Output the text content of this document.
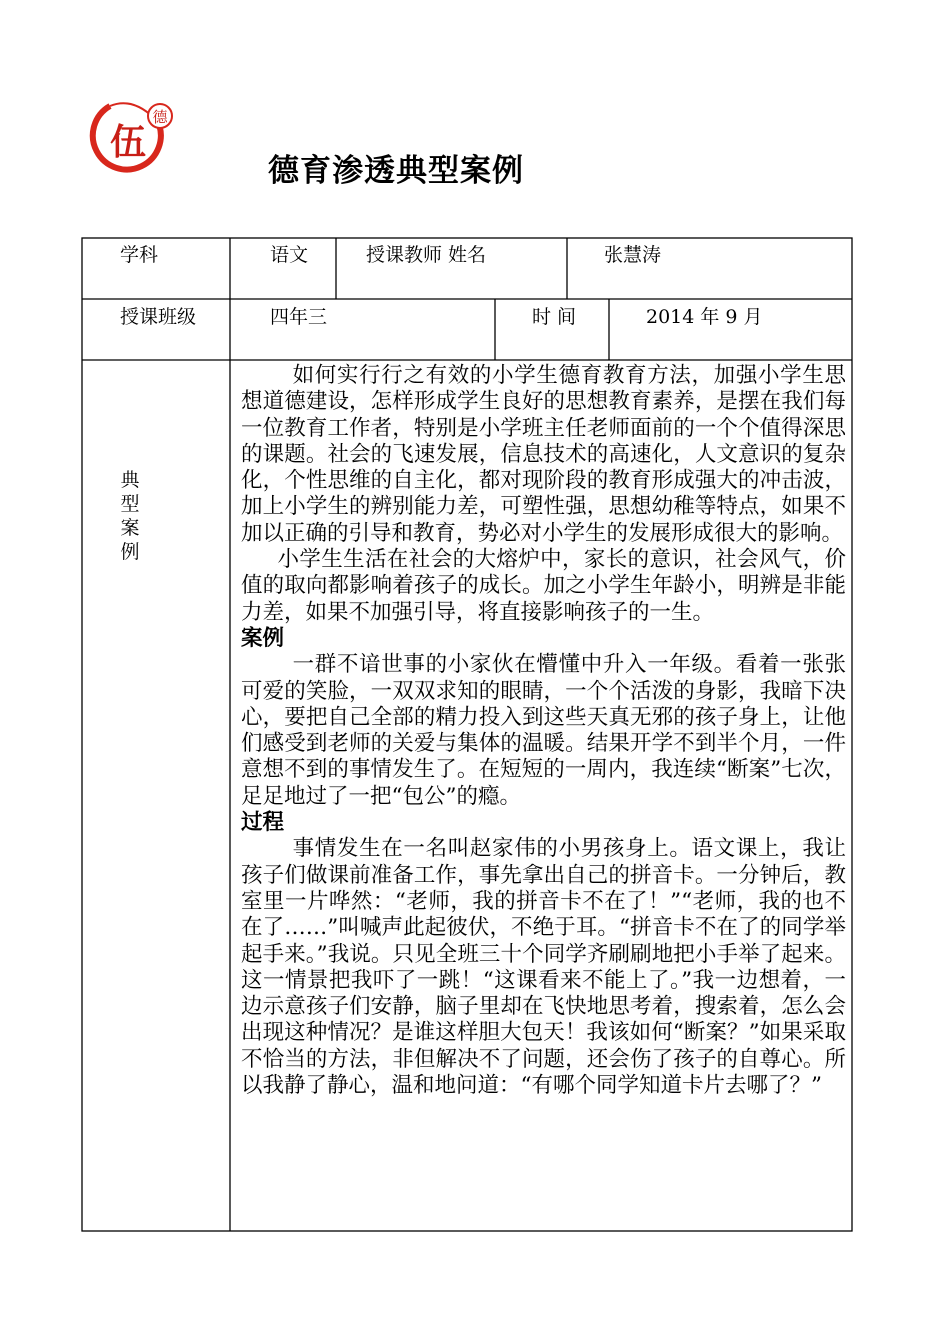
伍
德
德育渗透典型案例
学科	语文	授课教师 姓名	张慧涛
授课班级	四年三	时 间	2014 年 9 月
典
型
案
例

如何实行行之有效的小学生德育教育方法，加强小学生思想道德建设，怎样形成学生良好的思想教育素养，是摆在我们每一位教育工作者，特别是小学班主任老师面前的一个个值得深思的课题。社会的飞速发展，信息技术的高速化，人文意识的复杂化，个性思维的自主化，都对现阶段的教育形成强大的冲击波，加上小学生的辨别能力差，可塑性强，思想幼稚等特点，如果不加以正确的引导和教育，势必对小学生的发展形成很大的影响。

小学生生活在社会的大熔炉中，家长的意识，社会风气，价值的取向都影响着孩子的成长。加之小学生年龄小，明辨是非能力差，如果不加强引导，将直接影响孩子的一生。

案例

一群不谙世事的小家伙在懵懂中升入一年级。看着一张张可爱的笑脸，一双双求知的眼睛，一个个活泼的身影，我暗下决心，要把自己全部的精力投入到这些天真无邪的孩子身上，让他们感受到老师的关爱与集体的温暖。结果开学不到半个月，一件意想不到的事情发生了。在短短的一周内，我连续“断案”七次，足足地过了一把“包公”的瘾。

过程

事情发生在一名叫赵家伟的小男孩身上。语文课上，我让孩子们做课前准备工作，事先拿出自己的拼音卡。一分钟后，教室里一片哗然：“老师，我的拼音卡不在了！”“老师，我的也不在了……”叫喊声此起彼伏，不绝于耳。“拼音卡不在了的同学举起手来。”我说。只见全班三十个同学齐刷刷地把小手举了起来。这一情景把我吓了一跳！“这课看来不能上了。”我一边想着，一边示意孩子们安静，脑子里却在飞快地思考着，搜索着，怎么会出现这种情况？是谁这样胆大包天！我该如何“断案？”如果采取不恰当的方法，非但解决不了问题，还会伤了孩子的自尊心。所以我静了静心，温和地问道：“有哪个同学知道卡片去哪了？”
